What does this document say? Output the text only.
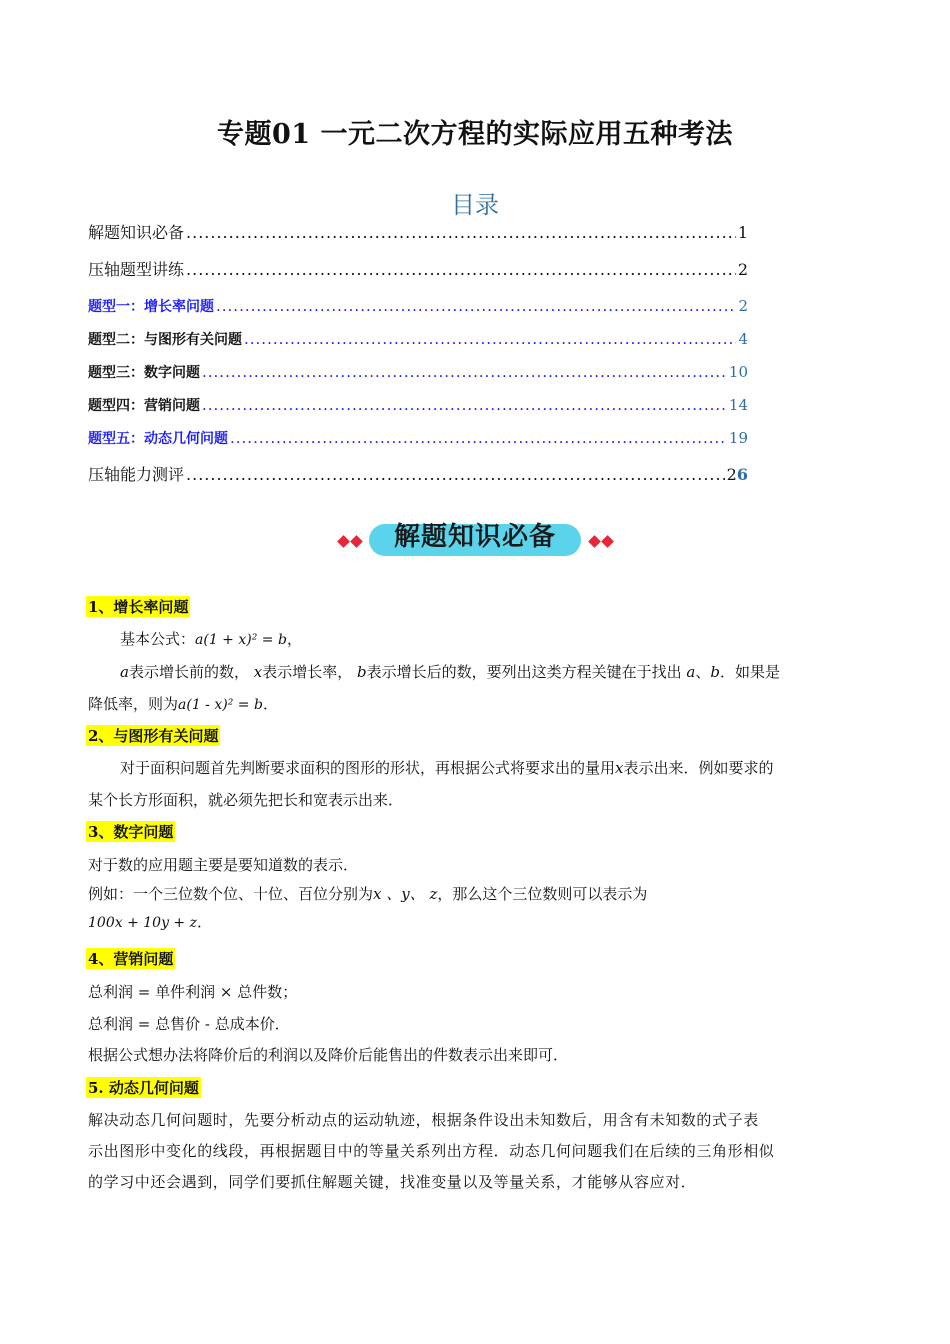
专题01 一元二次方程的实际应用五种考法
目录
解题知识必备 .....	1
压轴题型讲练 .....	2
题型一：增长率问题 .....	2
题型二：与图形有关问题 .....	4
题型三：数字问题 .....	10
题型四：营销问题 .....	14
题型五：动态几何问题 .....	19
压轴能力测评 .....	26
解题知识必备
1、增长率问题
基本公式：a(1 + x)² = b，
a表示增长前的数， x表示增长率， b表示增长后的数，要列出这类方程关键在于找出 a、b．如果是
降低率，则为a(1 - x)² = b．
2、与图形有关问题
对于面积问题首先判断要求面积的图形的形状，再根据公式将要求出的量用x表示出来．例如要求的
某个长方形面积，就必须先把长和宽表示出来．
3、数字问题
对于数的应用题主要是要知道数的表示．
例如：一个三位数个位、十位、百位分别为x 、y、 z，那么这个三位数则可以表示为
100x + 10y + z．
4、营销问题
总利润 = 单件利润 × 总件数；
总利润 = 总售价 - 总成本价．
根据公式想办法将降价后的利润以及降价后能售出的件数表示出来即可．
5. 动态几何问题
解决动态几何问题时，先要分析动点的运动轨迹，根据条件设出未知数后，用含有未知数的式子表
示出图形中变化的线段，再根据题目中的等量关系列出方程．动态几何问题我们在后续的三角形相似
的学习中还会遇到，同学们要抓住解题关键，找准变量以及等量关系，才能够从容应对．
